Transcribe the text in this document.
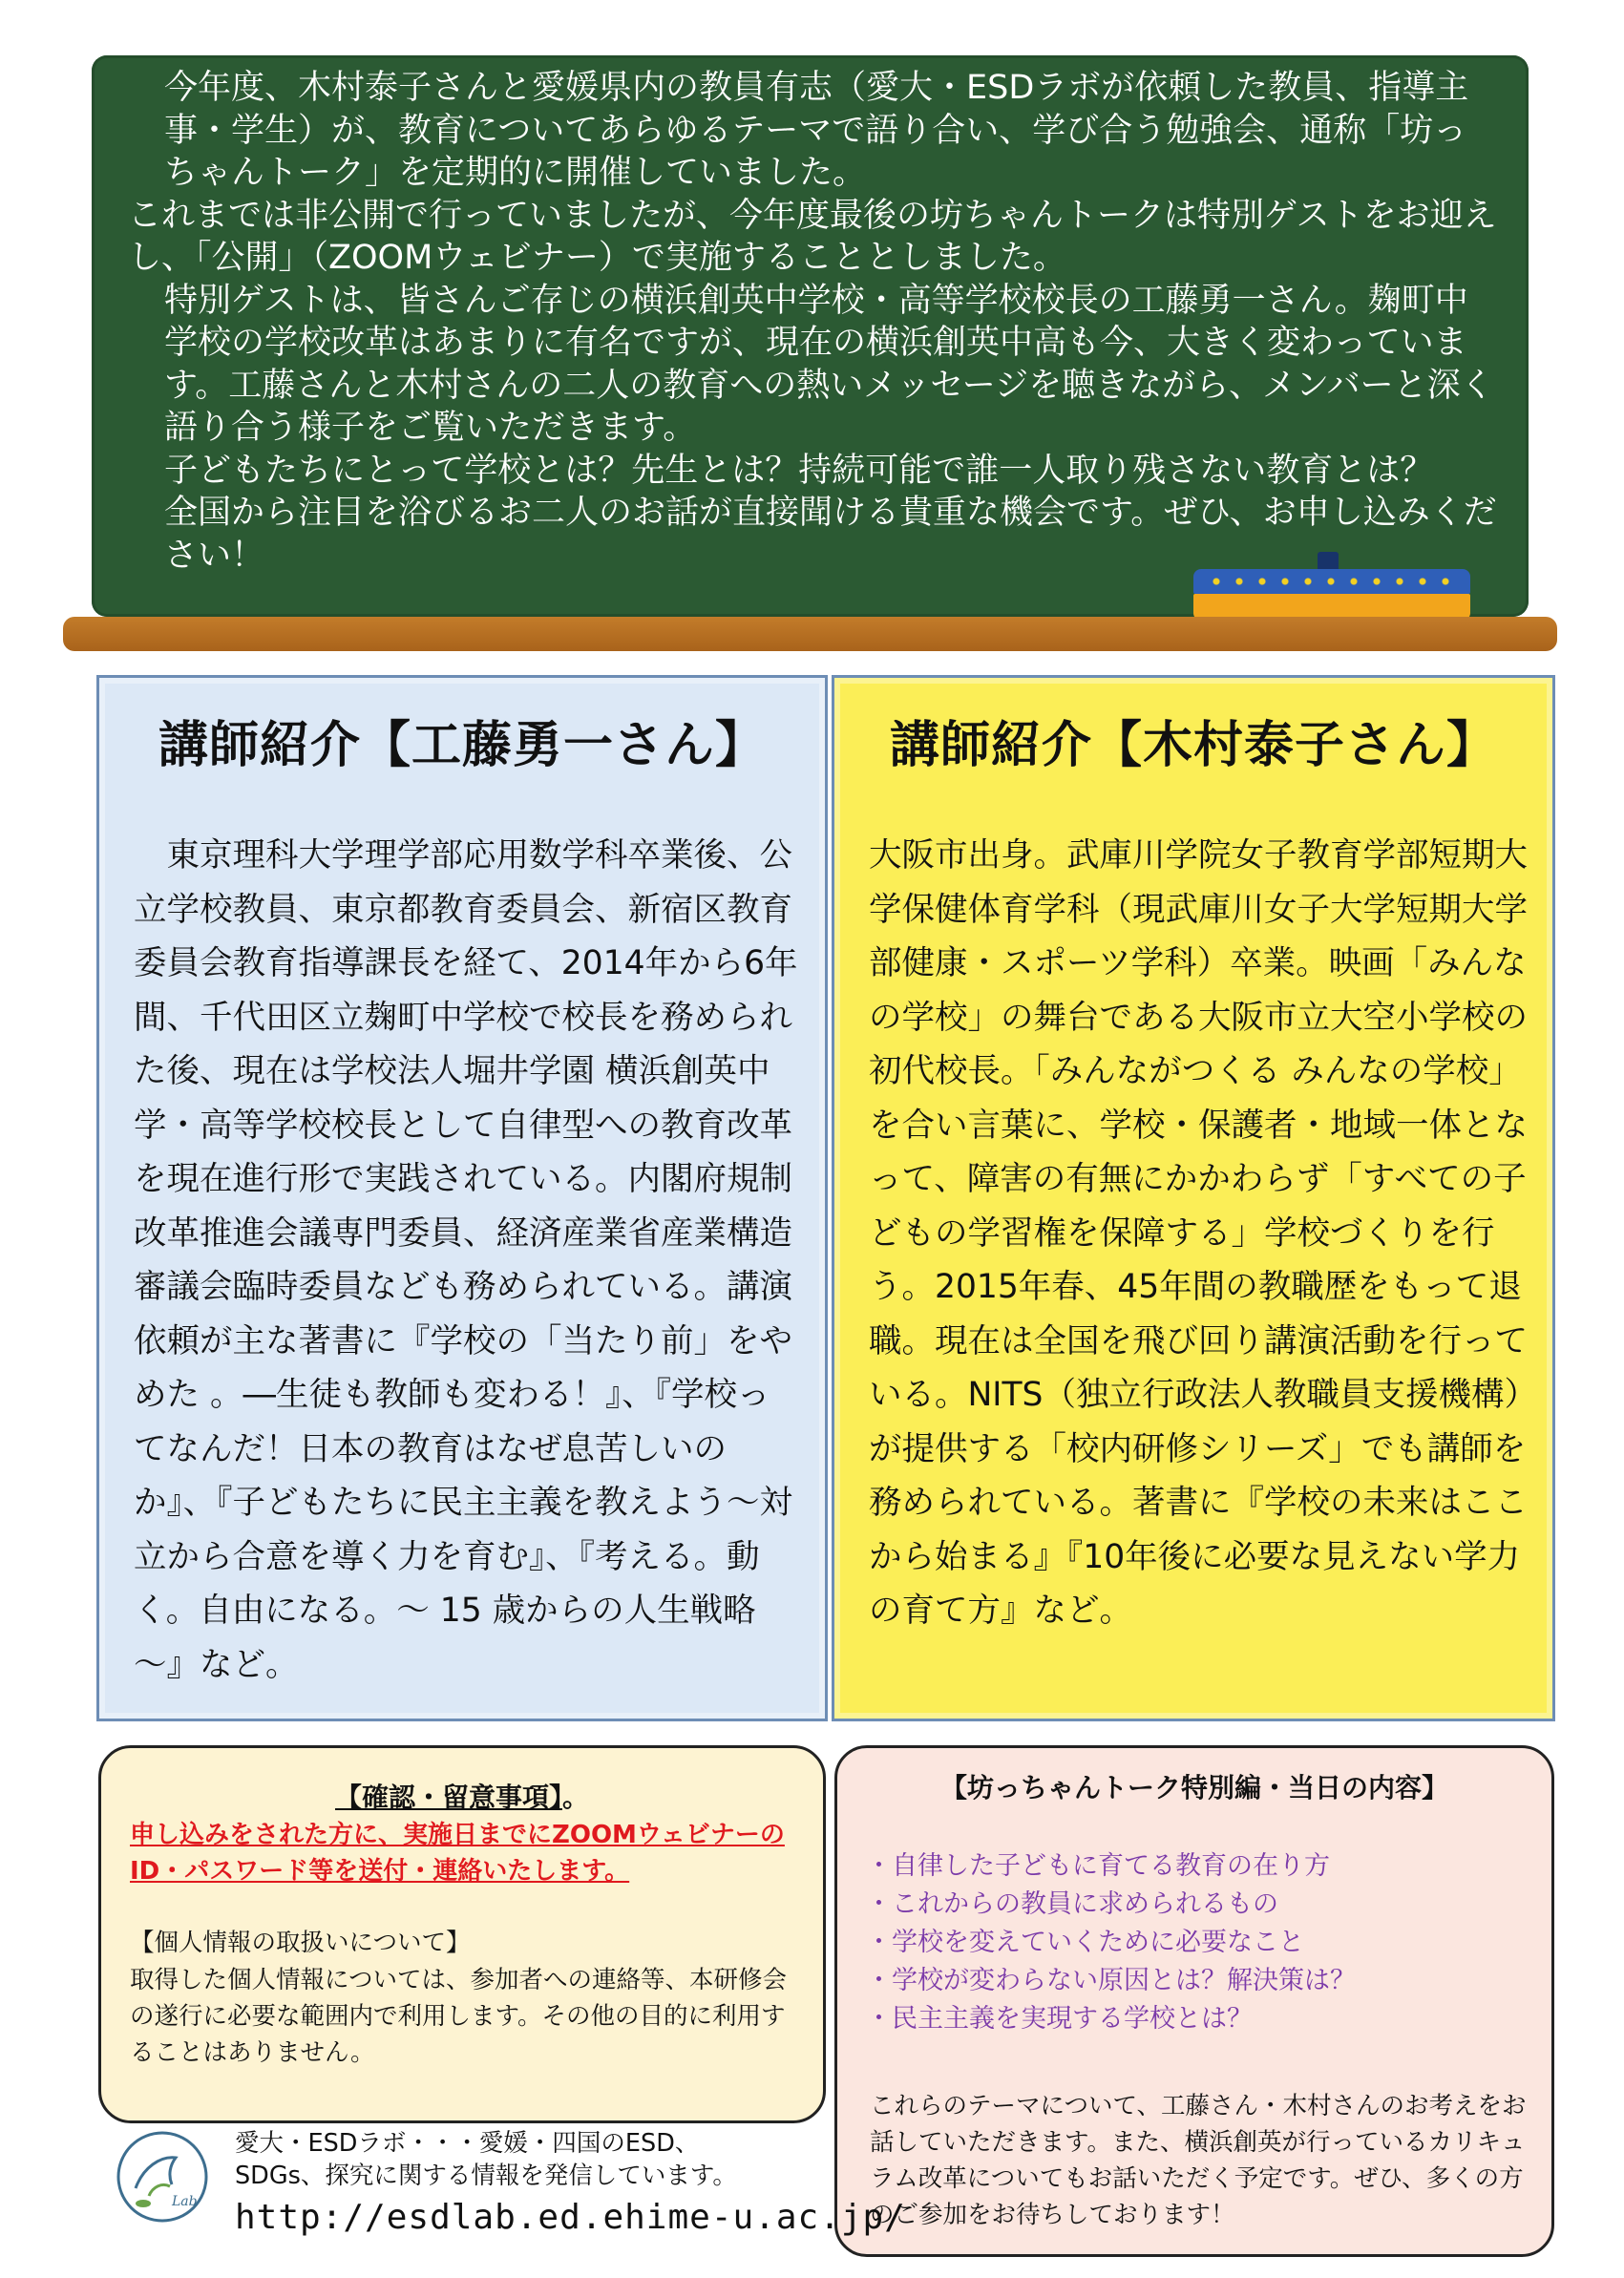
今年度、木村泰子さんと愛媛県内の教員有志（愛大・ESDラボが依頼した教員、指導主事・学生）が、教育についてあらゆるテーマで語り合い、学び合う勉強会、通称「坊っちゃんトーク」を定期的に開催していました。

これまでは非公開で行っていましたが、今年度最後の坊ちゃんトークは特別ゲストをお迎えし、「公開」（ZOOMウェビナー）で実施することとしました。

特別ゲストは、皆さんご存じの横浜創英中学校・高等学校校長の工藤勇一さん。麹町中学校の学校改革はあまりに有名ですが、現在の横浜創英中高も今、大きく変わっています。工藤さんと木村さんの二人の教育への熱いメッセージを聴きながら、メンバーと深く語り合う様子をご覧いただきます。

子どもたちにとって学校とは？先生とは？持続可能で誰一人取り残さない教育とは？　全国から注目を浴びるお二人のお話が直接聞ける貴重な機会です。ぜひ、お申し込みください！

講師紹介【工藤勇一さん】
　東京理科大学理学部応用数学科卒業後、公立学校教員、東京都教育委員会、新宿区教育委員会教育指導課長を経て、2014年から6年間、千代田区立麹町中学校で校長を務められた後、現在は学校法人堀井学園 横浜創英中学・高等学校校長として自律型への教育改革を現在進行形で実践されている。内閣府規制改革推進会議専門委員、経済産業省産業構造審議会臨時委員なども務められている。講演依頼が主な著書に『学校の「当たり前」をやめた 。―生徒も教師も変わる！』、『学校ってなんだ！日本の教育はなぜ息苦しいのか』、『子どもたちに民主主義を教えよう～対立から合意を導く力を育む』、『考える。動く。自由になる。～ 15 歳からの人生戦略～』など。
講師紹介【木村泰子さん】
大阪市出身。武庫川学院女子教育学部短期大学保健体育学科（現武庫川女子大学短期大学部健康・スポーツ学科）卒業。映画「みんなの学校」の舞台である大阪市立大空小学校の初代校長。「みんながつくる みんなの学校」を合い言葉に、学校・保護者・地域一体となって、障害の有無にかかわらず「すべての子どもの学習権を保障する」学校づくりを行う。2015年春、45年間の教職歴をもって退職。現在は全国を飛び回り講演活動を行っている。NITS（独立行政法人教職員支援機構）が提供する「校内研修シリーズ」でも講師を務められている。著書に『学校の未来はここから始まる』『10年後に必要な見えない学力の育て方』など。
【確認・留意事項】。
申し込みをされた方に、実施日までにZOOMウェビナーのID・パスワード等を送付・連絡いたします。
【個人情報の取扱いについて】
取得した個人情報については、参加者への連絡等、本研修会の遂行に必要な範囲内で利用します。その他の目的に利用することはありません。
【坊っちゃんトーク特別編・当日の内容】
・自律した子どもに育てる教育の在り方
・これからの教員に求められるもの
・学校を変えていくために必要なこと
・学校が変わらない原因とは？解決策は？
・民主主義を実現する学校とは？
これらのテーマについて、工藤さん・木村さんのお考えをお話していただきます。また、横浜創英が行っているカリキュラム改革についてもお話いただく予定です。ぜひ、多くの方のご参加をお待ちしております！
Lab
愛大・ESDラボ・・・愛媛・四国のESD、SDGs、探究に関する情報を発信しています。
http://esdlab.ed.ehime-u.ac.jp/
